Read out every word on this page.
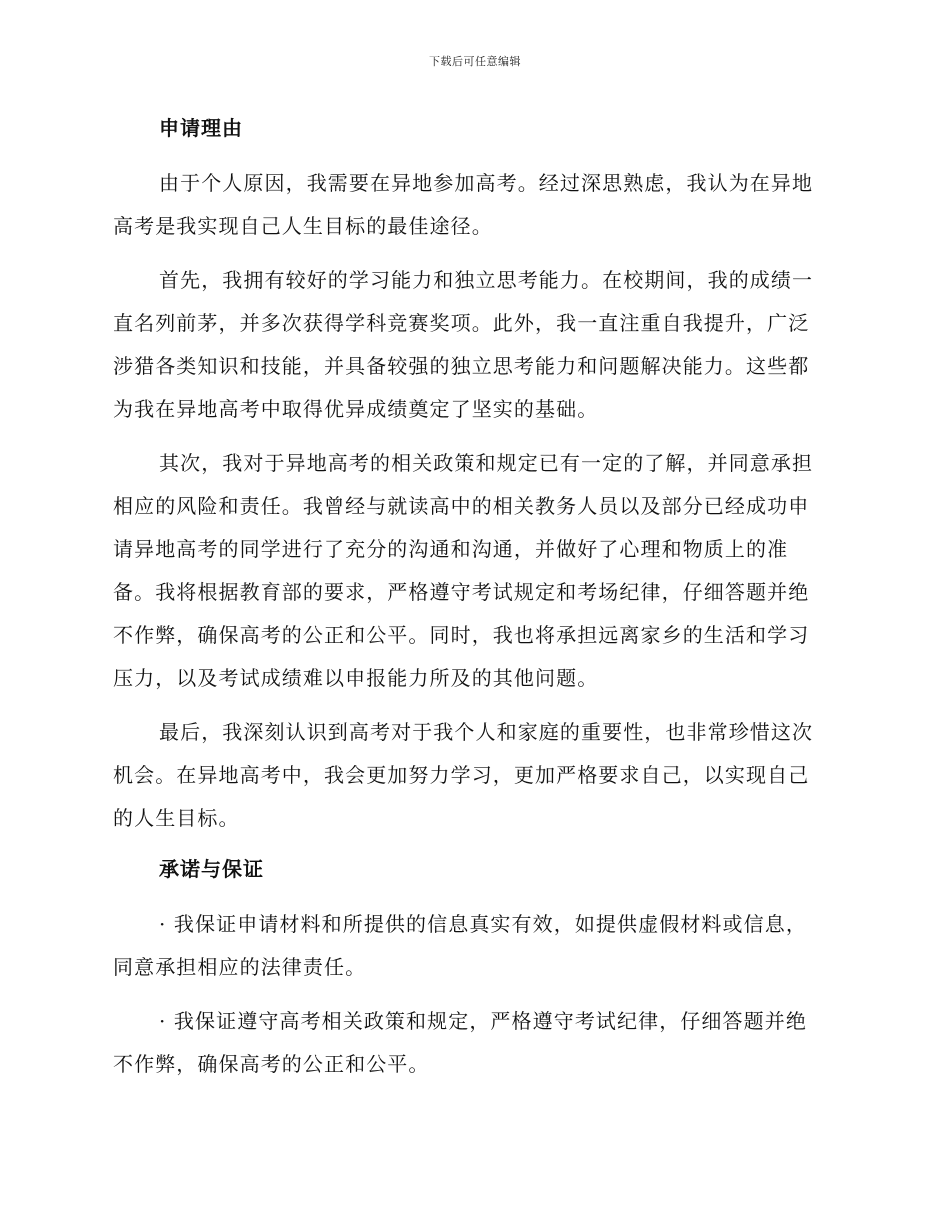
下载后可任意编辑
申请理由

由于个人原因，我需要在异地参加高考。经过深思熟虑，我认为在异地
高考是我实现自己人生目标的最佳途径。

首先，我拥有较好的学习能力和独立思考能力。在校期间，我的成绩一
直名列前茅，并多次获得学科竞赛奖项。此外，我一直注重自我提升，广泛
涉猎各类知识和技能，并具备较强的独立思考能力和问题解决能力。这些都
为我在异地高考中取得优异成绩奠定了坚实的基础。

其次，我对于异地高考的相关政策和规定已有一定的了解，并同意承担
相应的风险和责任。我曾经与就读高中的相关教务人员以及部分已经成功申
请异地高考的同学进行了充分的沟通和沟通，并做好了心理和物质上的准
备。我将根据教育部的要求，严格遵守考试规定和考场纪律，仔细答题并绝
不作弊，确保高考的公正和公平。同时，我也将承担远离家乡的生活和学习
压力，以及考试成绩难以申报能力所及的其他问题。

最后，我深刻认识到高考对于我个人和家庭的重要性，也非常珍惜这次
机会。在异地高考中，我会更加努力学习，更加严格要求自己，以实现自己
的人生目标。

承诺与保证

· 我保证申请材料和所提供的信息真实有效，如提供虚假材料或信息，
同意承担相应的法律责任。

· 我保证遵守高考相关政策和规定，严格遵守考试纪律，仔细答题并绝
不作弊，确保高考的公正和公平。
